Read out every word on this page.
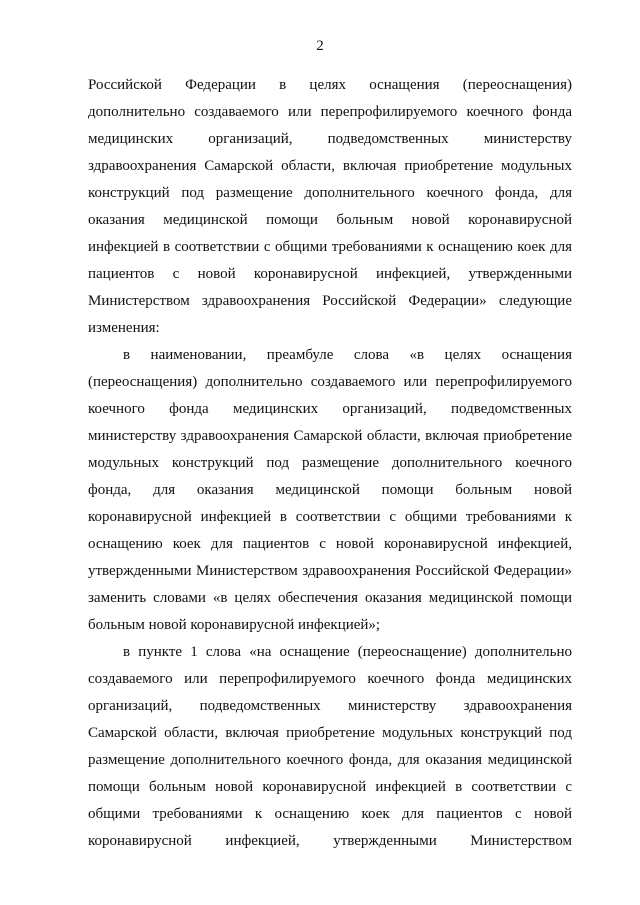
2
Российской Федерации в целях оснащения (переоснащения)
дополнительно создаваемого или перепрофилируемого коечного фонда
медицинских организаций, подведомственных министерству
здравоохранения Самарской области, включая приобретение модульных
конструкций под размещение дополнительного коечного фонда, для
оказания медицинской помощи больным новой коронавирусной
инфекцией в соответствии с общими требованиями к оснащению коек для
пациентов с новой коронавирусной инфекцией, утвержденными
Министерством здравоохранения Российской Федерации» следующие
изменения:
в наименовании, преамбуле слова «в целях оснащения
(переоснащения) дополнительно создаваемого или перепрофилируемого
коечного фонда медицинских организаций, подведомственных
министерству здравоохранения Самарской области, включая приобретение
модульных конструкций под размещение дополнительного коечного
фонда, для оказания медицинской помощи больным новой
коронавирусной инфекцией в соответствии с общими требованиями к
оснащению коек для пациентов с новой коронавирусной инфекцией,
утвержденными Министерством здравоохранения Российской Федерации»
заменить словами «в целях обеспечения оказания медицинской помощи
больным новой коронавирусной инфекцией»;
в пункте 1 слова «на оснащение (переоснащение) дополнительно
создаваемого или перепрофилируемого коечного фонда медицинских
организаций, подведомственных министерству здравоохранения
Самарской области, включая приобретение модульных конструкций под
размещение дополнительного коечного фонда, для оказания медицинской
помощи больным новой коронавирусной инфекцией в соответствии с
общими требованиями к оснащению коек для пациентов с новой
коронавирусной инфекцией, утвержденными Министерством
